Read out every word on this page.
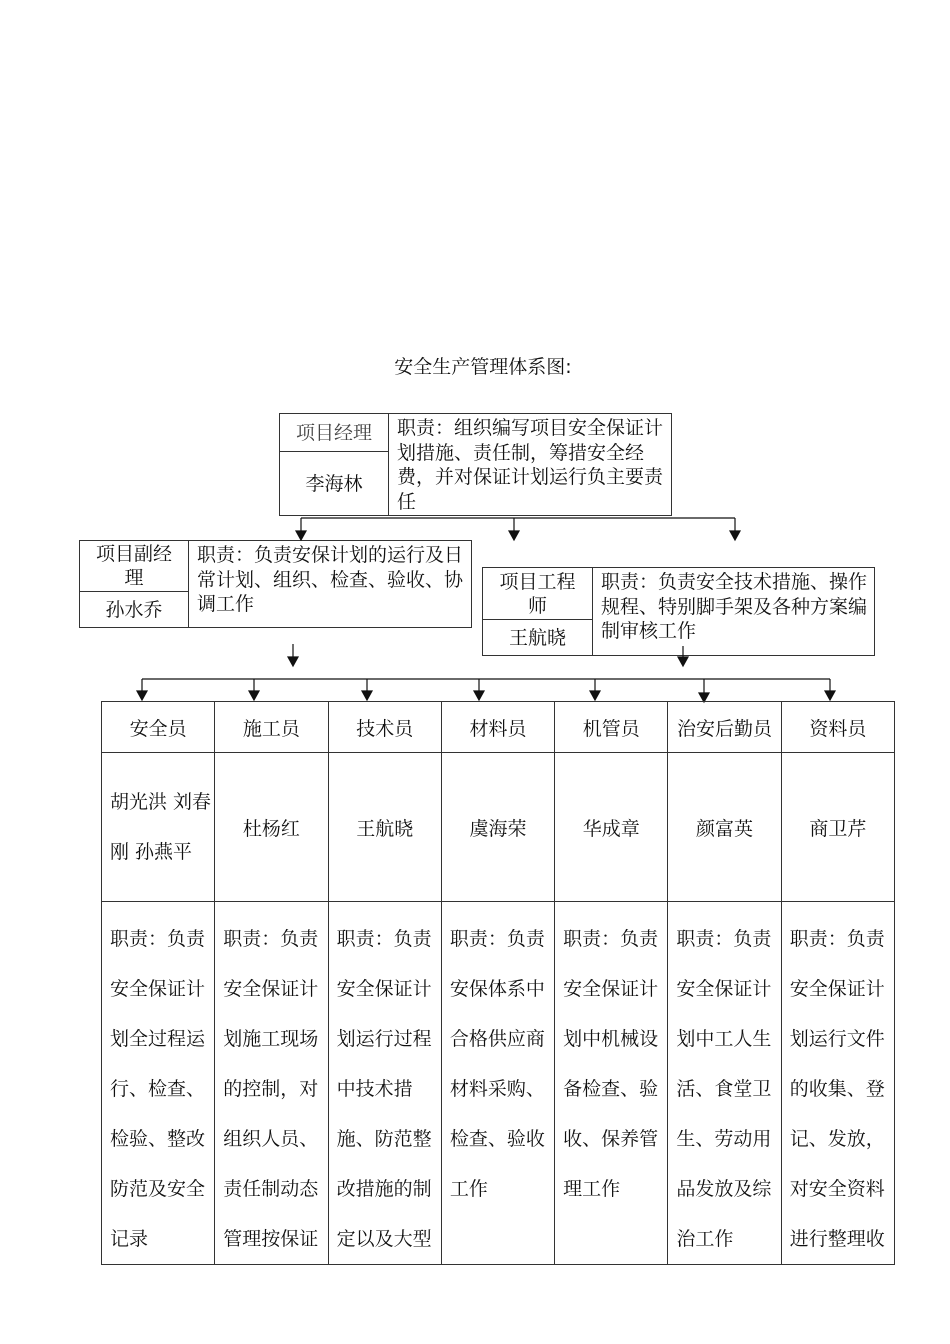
安全生产管理体系图:
项目经理
李海林
职责：组织编写项目安全保证计划措施、责任制，筹措安全经费，并对保证计划运行负主要责任
项目副经理
孙水乔
职责：负责安保计划的运行及日常计划、组织、检查、验收、协调工作
项目工程师
王航晓
职责：负责安全技术措施、操作规程、特别脚手架及各种方案编制审核工作
安全员	施工员	技术员	材料员	机管员	治安后勤员	资料员
胡光洪 刘春刚 孙燕平	杜杨红	王航晓	虞海荣	华成章	颜富英	商卫芹
职责：负责安全保证计划全过程运行、检查、检验、整改防范及安全记录	职责：负责安全保证计划施工现场的控制，对组织人员、责任制动态管理按保证	职责：负责安全保证计划运行过程中技术措施、防范整改措施的制定以及大型	职责：负责安保体系中合格供应商材料采购、检查、验收工作	职责：负责安全保证计划中机械设备检查、验收、保养管理工作	职责：负责安全保证计划中工人生活、食堂卫生、劳动用品发放及综治工作	职责：负责安全保证计划运行文件的收集、登记、发放，对安全资料进行整理收
